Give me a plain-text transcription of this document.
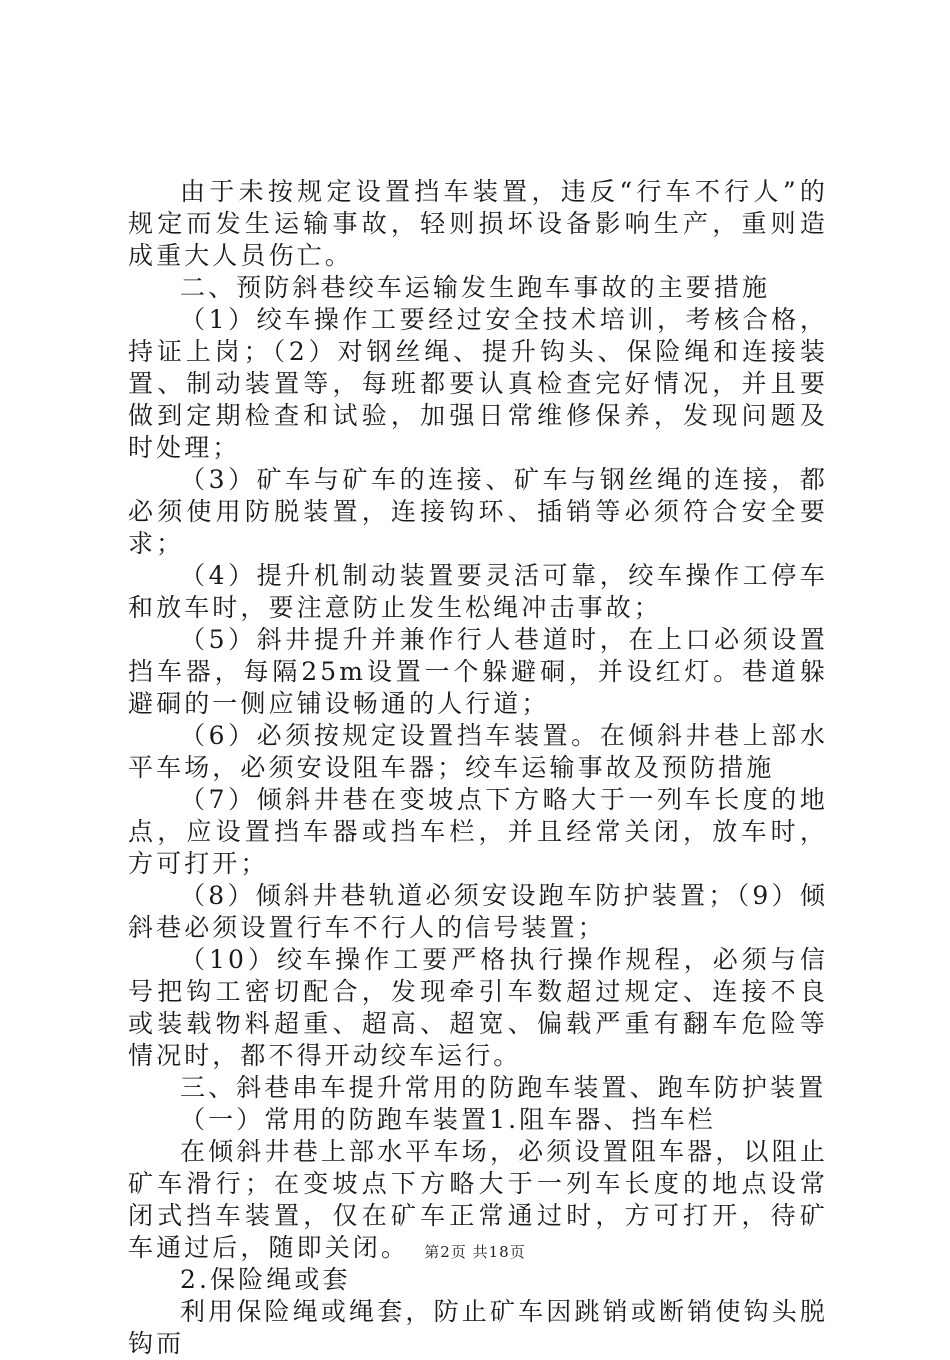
由于未按规定设置挡车装置，违反“行车不行人”的规定而发生运输事故，轻则损坏设备影响生产，重则造成重大人员伤亡。

二、预防斜巷绞车运输发生跑车事故的主要措施

（1）绞车操作工要经过安全技术培训，考核合格，持证上岗；（2）对钢丝绳、提升钩头、保险绳和连接装置、制动装置等，每班都要认真检查完好情况，并且要做到定期检查和试验，加强日常维修保养，发现问题及时处理；

（3）矿车与矿车的连接、矿车与钢丝绳的连接，都必须使用防脱装置，连接钩环、插销等必须符合安全要求；

（4）提升机制动装置要灵活可靠，绞车操作工停车和放车时，要注意防止发生松绳冲击事故；

（5）斜井提升并兼作行人巷道时，在上口必须设置挡车器，每隔25m设置一个躲避硐，并设红灯。巷道躲避硐的一侧应铺设畅通的人行道；

（6）必须按规定设置挡车装置。在倾斜井巷上部水平车场，必须安设阻车器；绞车运输事故及预防措施

（7）倾斜井巷在变坡点下方略大于一列车长度的地点，应设置挡车器或挡车栏，并且经常关闭，放车时，方可打开；

（8）倾斜井巷轨道必须安设跑车防护装置；（9）倾斜巷必须设置行车不行人的信号装置；

（10）绞车操作工要严格执行操作规程，必须与信号把钩工密切配合，发现牵引车数超过规定、连接不良或装载物料超重、超高、超宽、偏载严重有翻车危险等情况时，都不得开动绞车运行。

三、斜巷串车提升常用的防跑车装置、跑车防护装置

（一）常用的防跑车装置1.阻车器、挡车栏

在倾斜井巷上部水平车场，必须设置阻车器，以阻止矿车滑行；在变坡点下方略大于一列车长度的地点设常闭式挡车装置，仅在矿车正常通过时，方可打开，待矿车通过后，随即关闭。

2.保险绳或套

利用保险绳或绳套，防止矿车因跳销或断销使钩头脱钩而

第2页 共18页
